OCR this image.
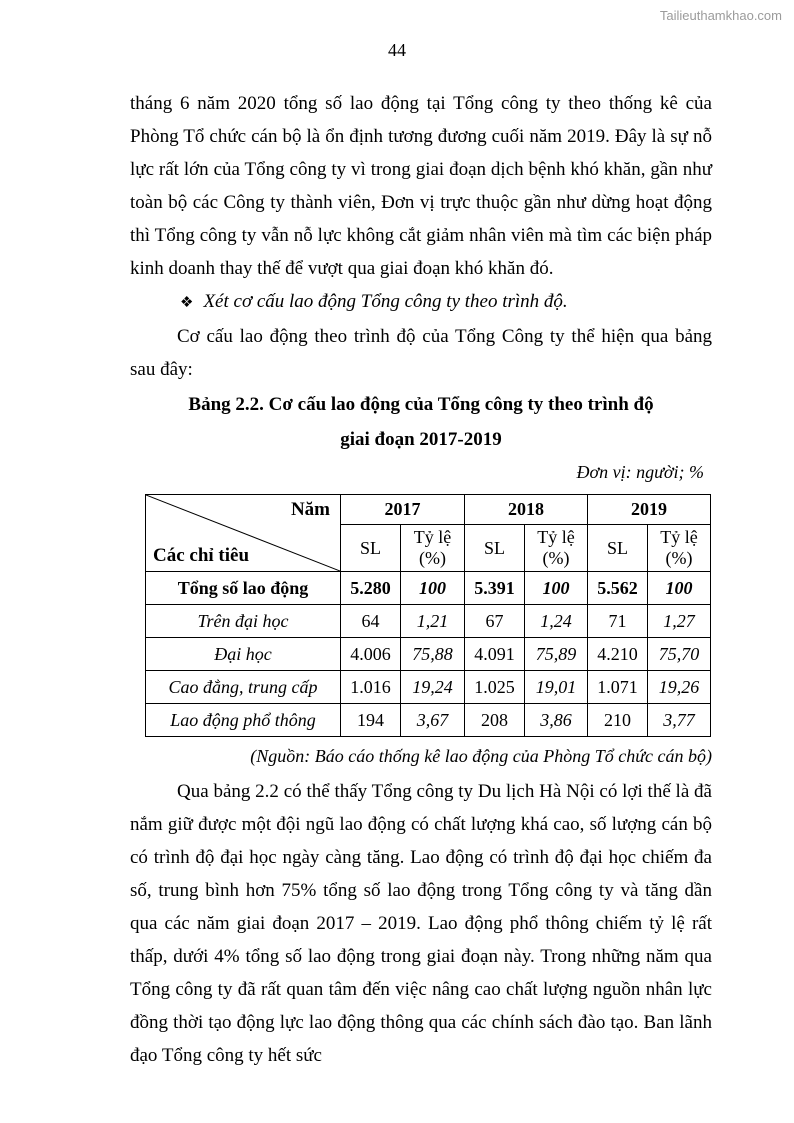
Tailieuthamkhao.com
44

tháng 6 năm 2020 tổng số lao động tại Tổng công ty theo thống kê của Phòng Tổ chức cán bộ là ổn định tương đương cuối năm 2019. Đây là sự nỗ lực rất lớn của Tổng công ty vì trong giai đoạn dịch bệnh khó khăn, gần như toàn bộ các Công ty thành viên, Đơn vị trực thuộc gần như dừng hoạt động thì Tổng công ty vẫn nỗ lực không cắt giảm nhân viên mà tìm các biện pháp kinh doanh thay thế để vượt qua giai đoạn khó khăn đó.

❖ Xét cơ cấu lao động Tổng công ty theo trình độ.

Cơ cấu lao động theo trình độ của Tổng Công ty thể hiện qua bảng sau đây:

Bảng 2.2. Cơ cấu lao động của Tổng công ty theo trình độ
giai đoạn 2017-2019
Đơn vị: người; %
Năm
Các chỉ tiêu	2017		2018		2019	
	SL	Tỷ lệ (%)	SL	Tỷ lệ (%)	SL	Tỷ lệ (%)
Tổng số lao động	5.280	100	5.391	100	5.562	100
Trên đại học	64	1,21	67	1,24	71	1,27
Đại học	4.006	75,88	4.091	75,89	4.210	75,70
Cao đẳng, trung cấp	1.016	19,24	1.025	19,01	1.071	19,26
Lao động phổ thông	194	3,67	208	3,86	210	3,77
(Nguồn: Báo cáo thống kê lao động của Phòng Tổ chức cán bộ)

Qua bảng 2.2 có thể thấy Tổng công ty Du lịch Hà Nội có lợi thế là đã nắm giữ được một đội ngũ lao động có chất lượng khá cao, số lượng cán bộ có trình độ đại học ngày càng tăng. Lao động có trình độ đại học chiếm đa số, trung bình hơn 75% tổng số lao động trong Tổng công ty và tăng dần qua các năm giai đoạn 2017 – 2019. Lao động phổ thông chiếm tỷ lệ rất thấp, dưới 4% tổng số lao động trong giai đoạn này. Trong những năm qua Tổng công ty đã rất quan tâm đến việc nâng cao chất lượng nguồn nhân lực đồng thời tạo động lực lao động thông qua các chính sách đào tạo. Ban lãnh đạo Tổng công ty hết sức
